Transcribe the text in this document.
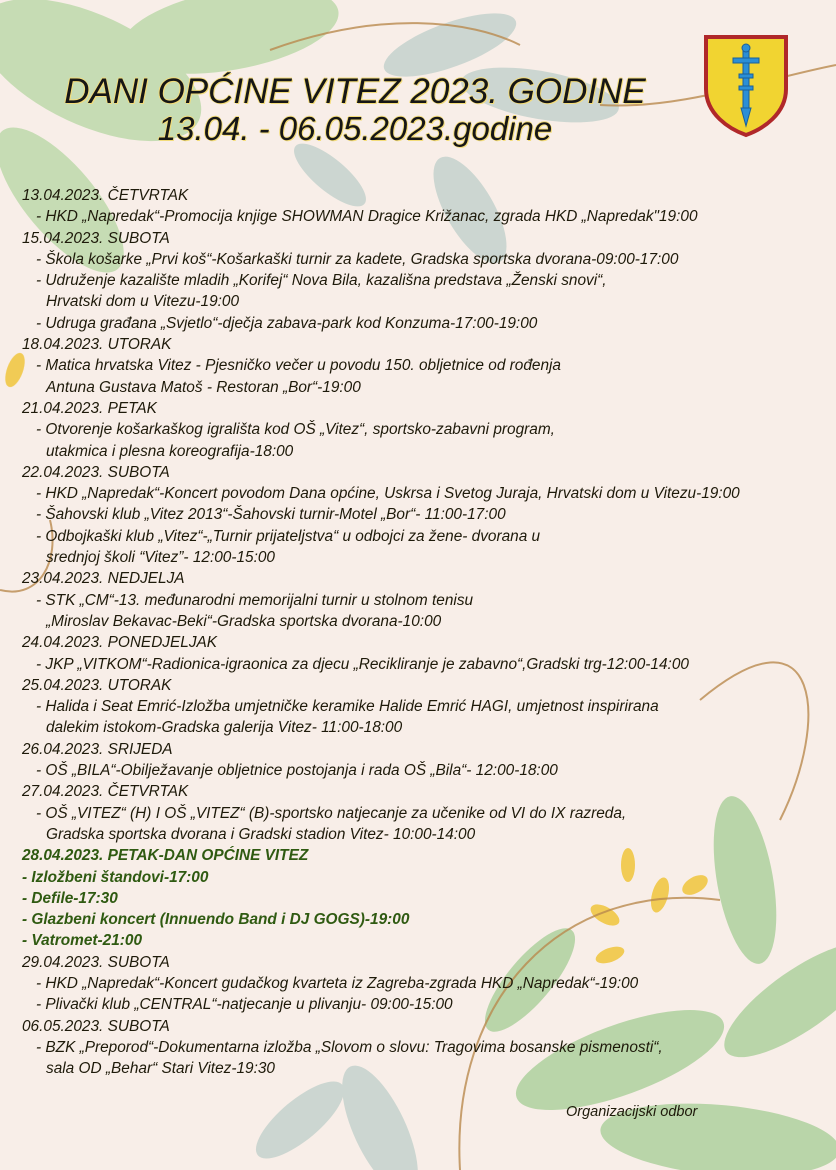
DANI OPĆINE VITEZ 2023. GODINE
13.04. - 06.05.2023.godine
13.04.2023. ČETVRTAK
- HKD „Napredak“-Promocija knjige SHOWMAN Dragice Križanac, zgrada HKD „Napredak"19:00
15.04.2023. SUBOTA
- Škola košarke „Prvi koš“-Košarkaški turnir za kadete, Gradska sportska dvorana-09:00-17:00
- Udruženje kazalište mladih „Korifej“ Nova Bila, kazališna predstava „Ženski snovi“,
Hrvatski dom u Vitezu-19:00
- Udruga građana „Svjetlo“-dječja zabava-park kod Konzuma-17:00-19:00
18.04.2023. UTORAK
- Matica hrvatska Vitez - Pjesničko večer u povodu 150. obljetnice od rođenja
Antuna Gustava Matoš - Restoran „Bor“-19:00
21.04.2023. PETAK
- Otvorenje košarkaškog igrališta kod OŠ „Vitez“, sportsko-zabavni program,
utakmica i plesna koreografija-18:00
22.04.2023. SUBOTA
- HKD „Napredak“-Koncert povodom Dana općine, Uskrsa i Svetog Juraja, Hrvatski dom u Vitezu-19:00
- Šahovski klub „Vitez 2013“-Šahovski turnir-Motel „Bor“- 11:00-17:00
- Odbojkaški klub „Vitez“-„Turnir prijateljstva“ u odbojci za žene- dvorana u
srednjoj školi “Vitez”- 12:00-15:00
23.04.2023. NEDJELJA
- STK „CM“-13. međunarodni memorijalni turnir u stolnom tenisu
„Miroslav Bekavac-Beki“-Gradska sportska dvorana-10:00
24.04.2023. PONEDJELJAK
- JKP „VITKOM“-Radionica-igraonica za djecu „Recikliranje je zabavno“,Gradski trg-12:00-14:00
25.04.2023. UTORAK
- Halida i Seat Emrić-Izložba umjetničke keramike Halide Emrić HAGI, umjetnost inspirirana
dalekim istokom-Gradska galerija Vitez- 11:00-18:00
26.04.2023. SRIJEDA
- OŠ „BILA“-Obilježavanje obljetnice postojanja i rada OŠ „Bila“- 12:00-18:00
27.04.2023. ČETVRTAK
- OŠ „VITEZ“ (H) I OŠ „VITEZ“ (B)-sportsko natjecanje za učenike od VI do IX razreda,
Gradska sportska dvorana i Gradski stadion Vitez- 10:00-14:00
28.04.2023. PETAK-DAN OPĆINE VITEZ
- Izložbeni štandovi-17:00
- Defile-17:30
- Glazbeni koncert (Innuendo Band i DJ GOGS)-19:00
- Vatromet-21:00
29.04.2023. SUBOTA
- HKD „Napredak“-Koncert gudačkog kvarteta iz Zagreba-zgrada HKD „Napredak“-19:00
- Plivački klub „CENTRAL“-natjecanje u plivanju- 09:00-15:00
06.05.2023. SUBOTA
- BZK „Preporod“-Dokumentarna izložba „Slovom o slovu: Tragovima bosanske pismenosti“,
sala OD „Behar“ Stari Vitez-19:30
Organizacijski odbor
